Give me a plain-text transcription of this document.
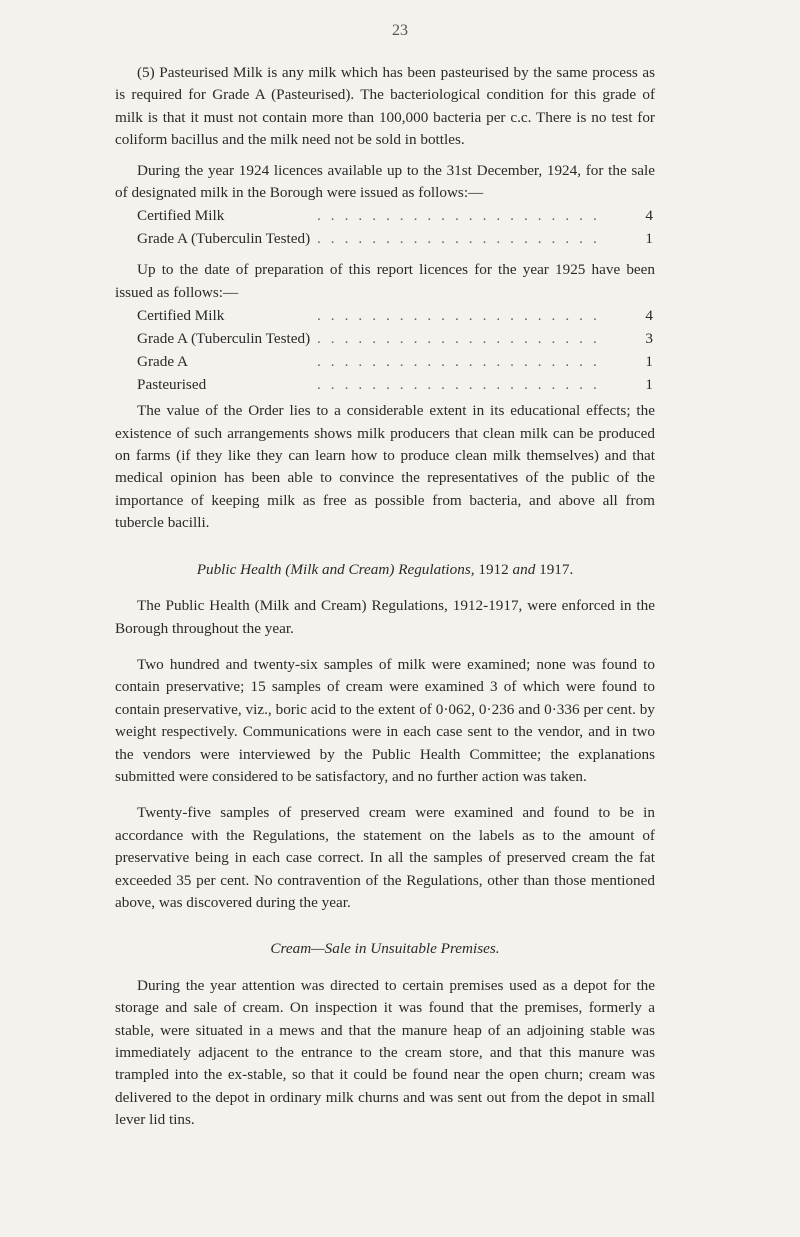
23

(5) Pasteurised Milk is any milk which has been pasteurised by the same process as is required for Grade A (Pasteurised). The bacteriological condition for this grade of milk is that it must not contain more than 100,000 bacteria per c.c. There is no test for coliform bacillus and the milk need not be sold in bottles.

During the year 1924 licences available up to the 31st December, 1924, for the sale of designated milk in the Borough were issued as follows:—

Certified Milk	.....................	4
Grade A (Tuberculin Tested) .....................	1

Up to the date of preparation of this report licences for the year 1925 have been issued as follows:—

Certified Milk	.....................	4
Grade A (Tuberculin Tested) .....................	3
Grade A	.....................	1
Pasteurised	.....................	1

The value of the Order lies to a considerable extent in its educational effects; the existence of such arrangements shows milk producers that clean milk can be produced on farms (if they like they can learn how to produce clean milk themselves) and that medical opinion has been able to convince the representatives of the public of the importance of keeping milk as free as possible from bacteria, and above all from tubercle bacilli.

Public Health (Milk and Cream) Regulations, 1912 and 1917.

The Public Health (Milk and Cream) Regulations, 1912-1917, were enforced in the Borough throughout the year.

Two hundred and twenty-six samples of milk were examined; none was found to contain preservative; 15 samples of cream were examined 3 of which were found to contain preservative, viz., boric acid to the extent of 0·062, 0·236 and 0·336 per cent. by weight respectively. Communications were in each case sent to the vendor, and in two the vendors were interviewed by the Public Health Committee; the explanations submitted were considered to be satisfactory, and no further action was taken.

Twenty-five samples of preserved cream were examined and found to be in accordance with the Regulations, the statement on the labels as to the amount of preservative being in each case correct. In all the samples of preserved cream the fat exceeded 35 per cent. No contravention of the Regulations, other than those mentioned above, was discovered during the year.

Cream—Sale in Unsuitable Premises.

During the year attention was directed to certain premises used as a depot for the storage and sale of cream. On inspection it was found that the premises, formerly a stable, were situated in a mews and that the manure heap of an adjoining stable was immediately adjacent to the entrance to the cream store, and that this manure was trampled into the ex-stable, so that it could be found near the open churn; cream was delivered to the depot in ordinary milk churns and was sent out from the depot in small lever lid tins.
